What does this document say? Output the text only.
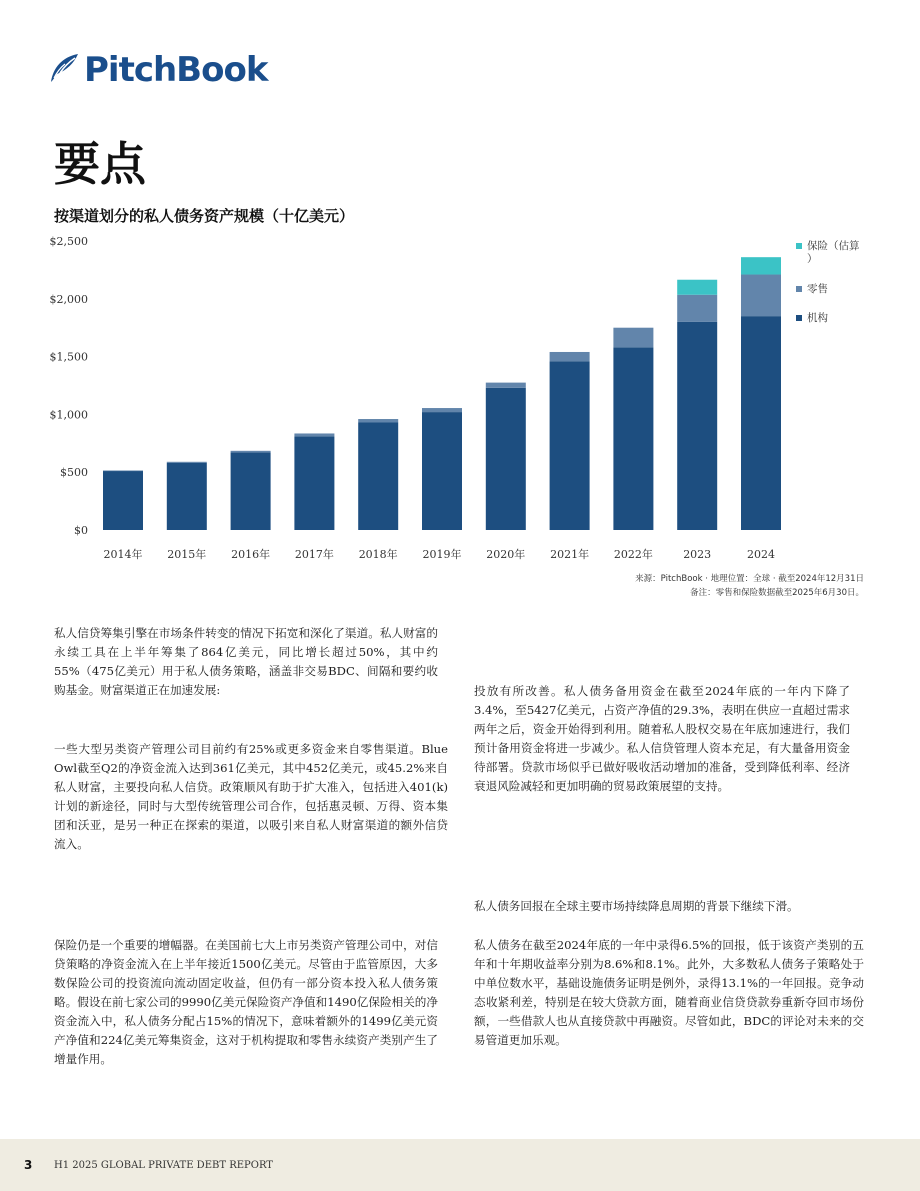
PitchBook
要点
按渠道划分的私人债务资产规模（十亿美元）
$0
$500
$1,000
$1,500
$2,000
$2,500
2014年 2015年 2016年 2017年 2018年 2019年 2020年 2021年 2022年	2023	2024
保险（估算）
零售
机构
来源：PitchBook · 地理位置：全球 · 截至2024年12月31日
备注：零售和保险数据截至2025年6月30日。

私人信贷筹集引擎在市场条件转变的情况下拓宽和深化了渠道。私人财富的永续工具在上半年筹集了864亿美元，同比增长超过50%，其中约55%（475亿美元）用于私人债务策略，涵盖非交易BDC、间隔和要约收购基金。财富渠道正在加速发展:

一些大型另类资产管理公司目前约有25%或更多资金来自零售渠道。Blue Owl截至Q2的净资金流入达到361亿美元，其中452亿美元，或45.2%来自私人财富，主要投向私人信贷。政策顺风有助于扩大准入，包括进入401(k)计划的新途径，同时与大型传统管理公司合作，包括惠灵顿、万得、资本集团和沃亚，是另一种正在探索的渠道，以吸引来自私人财富渠道的额外信贷流入。

保险仍是一个重要的增幅器。在美国前七大上市另类资产管理公司中，对信贷策略的净资金流入在上半年接近1500亿美元。尽管由于监管原因，大多数保险公司的投资流向流动固定收益，但仍有一部分资本投入私人债务策略。假设在前七家公司的9990亿美元保险资产净值和1490亿保险相关的净资金流入中，私人债务分配占15%的情况下，意味着额外的1499亿美元资产净值和224亿美元筹集资金，这对于机构提取和零售永续资产类别产生了增量作用。

投放有所改善。私人债务备用资金在截至2024年底的一年内下降了3.4%，至5427亿美元，占资产净值的29.3%，表明在供应一直超过需求两年之后，资金开始得到利用。随着私人股权交易在年底加速进行，我们预计备用资金将进一步减少。私人信贷管理人资本充足，有大量备用资金待部署。贷款市场似乎已做好吸收活动增加的准备，受到降低利率、经济衰退风险减轻和更加明确的贸易政策展望的支持。

私人债务回报在全球主要市场持续降息周期的背景下继续下滑。

私人债务在截至2024年底的一年中录得6.5%的回报，低于该资产类别的五年和十年期收益率分别为8.6%和8.1%。此外，大多数私人债务子策略处于中单位数水平，基础设施债务证明是例外，录得13.1%的一年回报。竞争动态收紧利差，特别是在较大贷款方面，随着商业信贷贷款券重新夺回市场份额，一些借款人也从直接贷款中再融资。尽管如此，BDC的评论对未来的交易管道更加乐观。

3 H1 2025 GLOBAL PRIVATE DEBT REPORT
